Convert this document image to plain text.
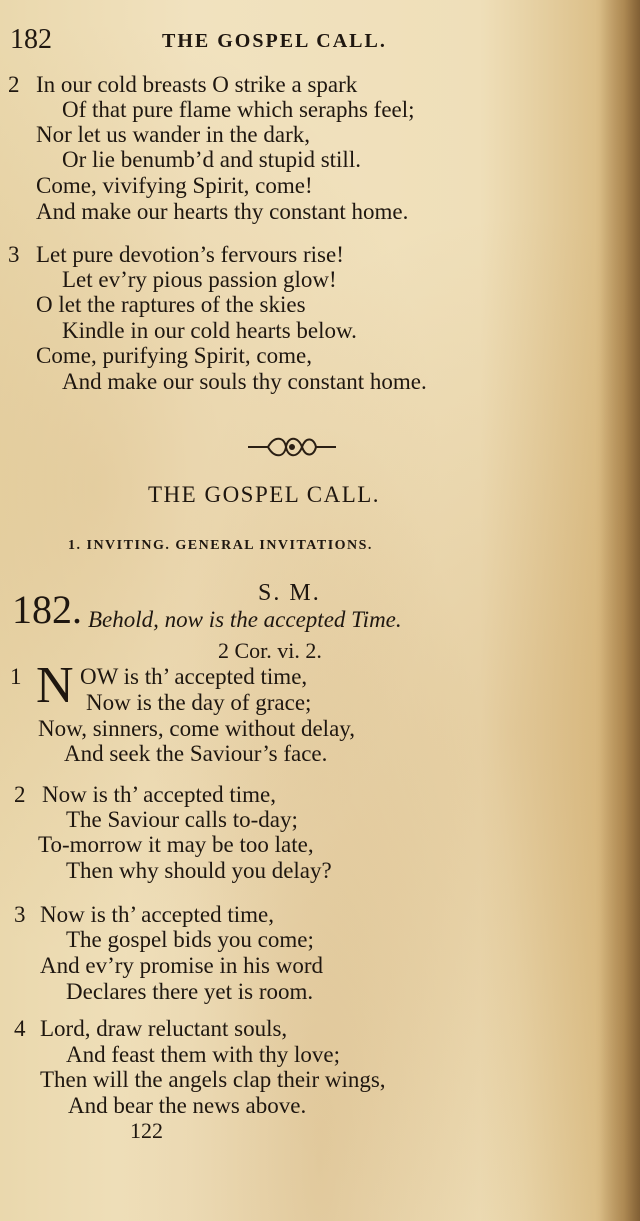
182	THE GOSPEL CALL.
2 In our cold breasts O strike a spark
Of that pure flame which seraphs feel;
Nor let us wander in the dark,
Or lie benumb’d and stupid still.
Come, vivifying Spirit, come!
And make our hearts thy constant home.
3 Let pure devotion’s fervours rise!
Let ev’ry pious passion glow!
O let the raptures of the skies
Kindle in our cold hearts below.
Come, purifying Spirit, come,
And make our souls thy constant home.
THE GOSPEL CALL.
1. INVITING. GENERAL INVITATIONS.
182.	S. M.
Behold, now is the accepted Time.
2 Cor. vi. 2.
1 N OW is th’ accepted time,
Now is the day of grace;
Now, sinners, come without delay,
And seek the Saviour’s face.
2 Now is th’ accepted time,
The Saviour calls to-day;
To-morrow it may be too late,
Then why should you delay?
3 Now is th’ accepted time,
The gospel bids you come;
And ev’ry promise in his word
Declares there yet is room.
4 Lord, draw reluctant souls,
And feast them with thy love;
Then will the angels clap their wings,
And bear the news above.
122
